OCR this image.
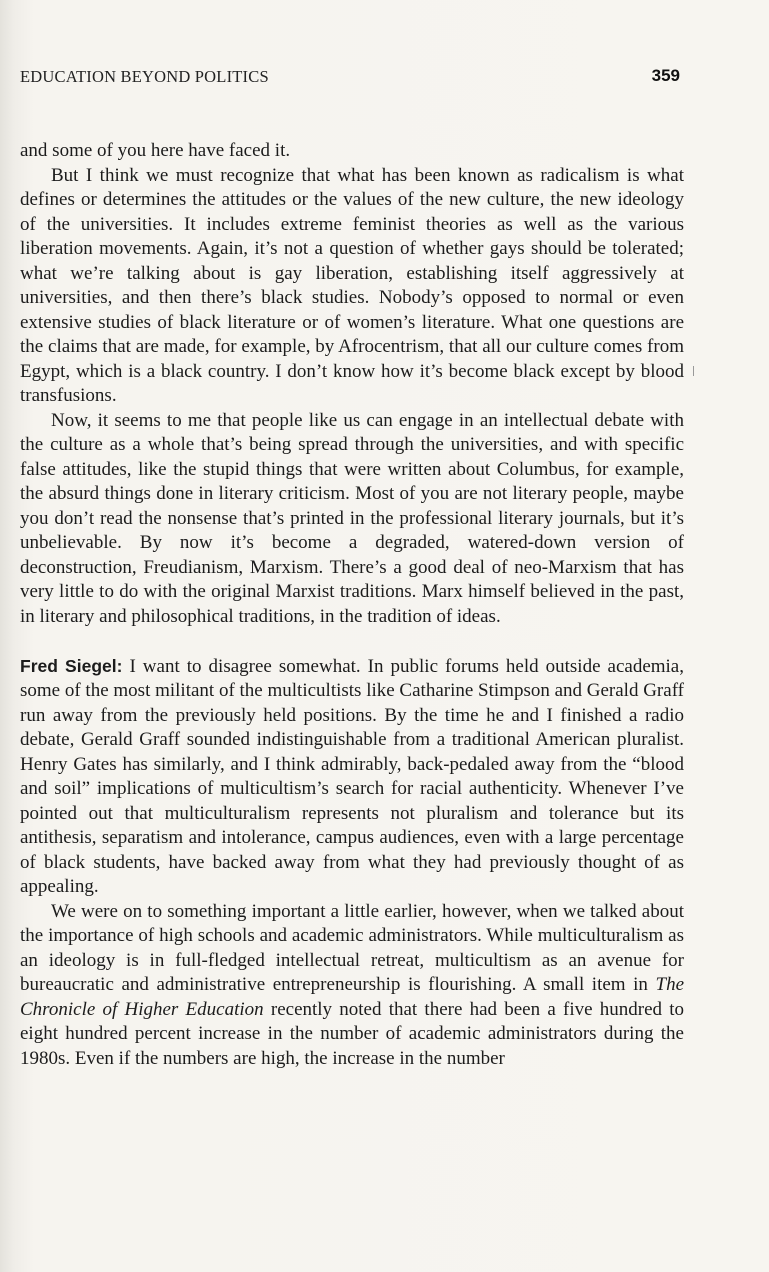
EDUCATION BEYOND POLITICS	359

and some of you here have faced it.

But I think we must recognize that what has been known as radicalism is what defines or determines the attitudes or the values of the new culture, the new ideology of the universities. It includes extreme feminist theories as well as the various liberation movements. Again, it’s not a question of whether gays should be tolerated; what we’re talking about is gay liberation, establishing itself aggressively at universities, and then there’s black studies. Nobody’s opposed to normal or even extensive studies of black literature or of women’s literature. What one questions are the claims that are made, for example, by Afrocentrism, that all our culture comes from Egypt, which is a black country. I don’t know how it’s become black except by blood transfusions.

Now, it seems to me that people like us can engage in an intellectual debate with the culture as a whole that’s being spread through the universities, and with specific false attitudes, like the stupid things that were written about Columbus, for example, the absurd things done in literary criticism. Most of you are not literary people, maybe you don’t read the nonsense that’s printed in the professional literary journals, but it’s unbelievable. By now it’s become a degraded, watered-down version of deconstruction, Freudianism, Marxism. There’s a good deal of neo-Marxism that has very little to do with the original Marxist traditions. Marx himself believed in the past, in literary and philosophical traditions, in the tradition of ideas.

Fred Siegel: I want to disagree somewhat. In public forums held outside academia, some of the most militant of the multicultists like Catharine Stimpson and Gerald Graff run away from the previously held positions. By the time he and I finished a radio debate, Gerald Graff sounded indistinguishable from a traditional American pluralist. Henry Gates has similarly, and I think admirably, back-pedaled away from the “blood and soil” implications of multicultism’s search for racial authenticity. Whenever I’ve pointed out that multiculturalism represents not pluralism and tolerance but its antithesis, separatism and intolerance, campus audiences, even with a large percentage of black students, have backed away from what they had previously thought of as appealing.

We were on to something important a little earlier, however, when we talked about the importance of high schools and academic administrators. While multiculturalism as an ideology is in full-fledged intellectual retreat, multicultism as an avenue for bureaucratic and administrative entrepreneurship is flourishing. A small item in The Chronicle of Higher Education recently noted that there had been a five hundred to eight hundred percent increase in the number of academic administrators during the 1980s. Even if the numbers are high, the increase in the number
